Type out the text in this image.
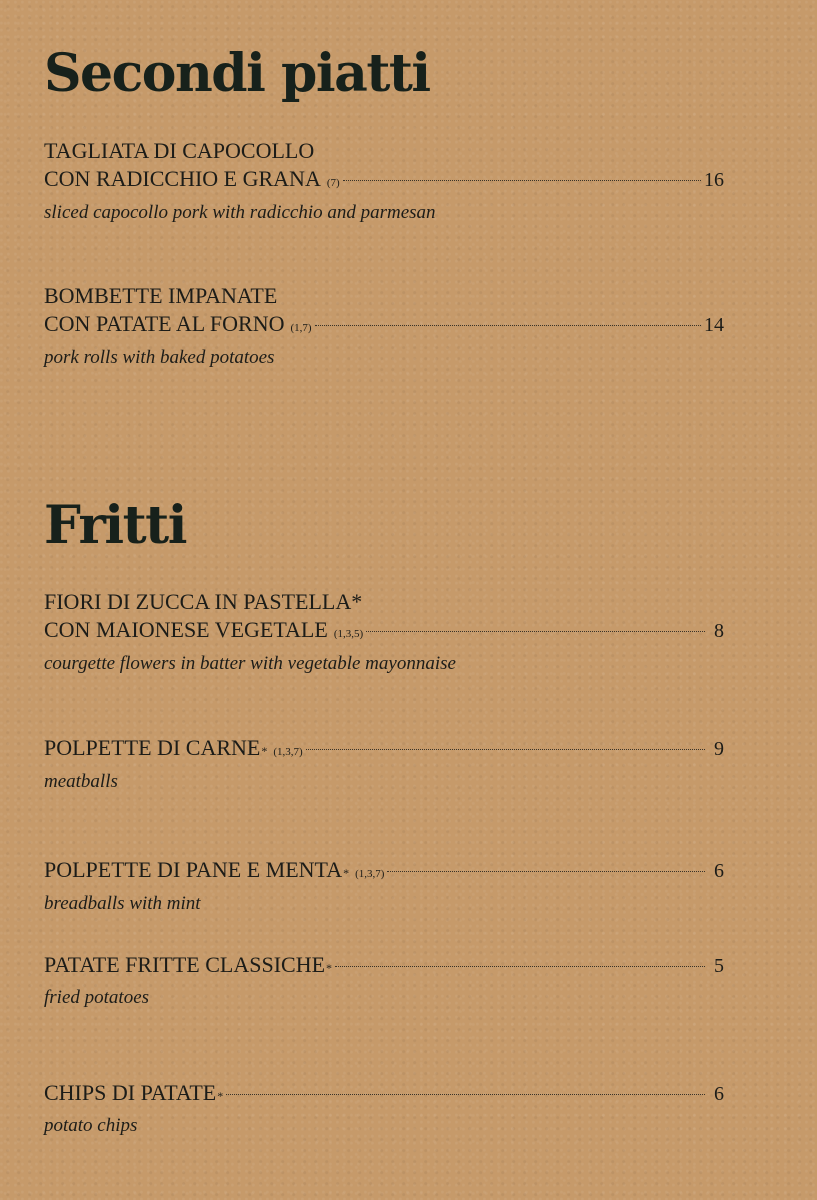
Secondi piatti
TAGLIATA DI CAPOCOLLO
CON RADICCHIO E GRANA (7)	16
sliced capocollo pork with radicchio and parmesan
BOMBETTE IMPANATE
CON PATATE AL FORNO (1,7)	14
pork rolls with baked potatoes
Fritti
FIORI DI ZUCCA IN PASTELLA*
CON MAIONESE VEGETALE (1,3,5)	8
courgette flowers in batter with vegetable mayonnaise
POLPETTE DI CARNE * (1,3,7)	9
meatballs
POLPETTE DI PANE E MENTA * (1,3,7)	6
breadballs with mint
PATATE FRITTE CLASSICHE *	5
fried potatoes
CHIPS DI PATATE *	6
potato chips
